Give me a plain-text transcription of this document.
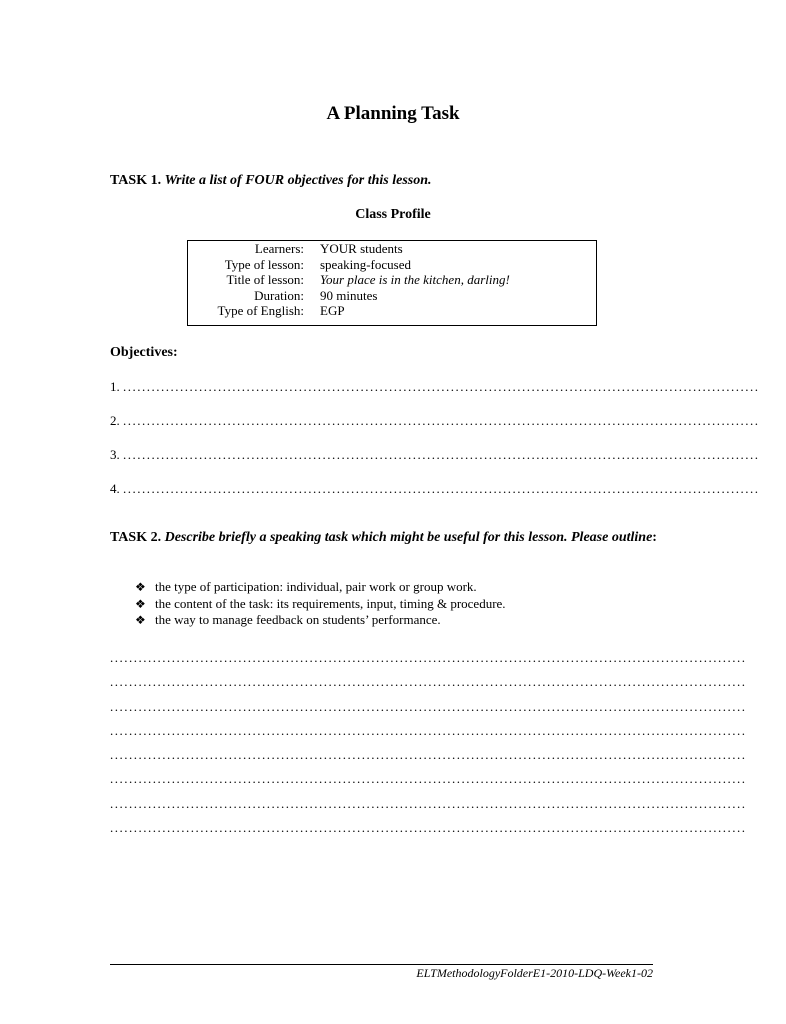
A Planning Task
TASK 1. Write a list of FOUR objectives for this lesson.
Class Profile
Learners: YOUR students
Type of lesson: speaking-focused
Title of lesson: Your place is in the kitchen, darling!
Duration: 90 minutes
Type of English: EGP
Objectives:
1. ......................................................................................................................................
2. ......................................................................................................................................
3. ......................................................................................................................................
4. ......................................................................................................................................
TASK 2. Describe briefly a speaking task which might be useful for this lesson. Please outline:
❖ the type of participation: individual, pair work or group work.
❖ the content of the task: its requirements, input, timing & procedure.
❖ the way to manage feedback on students’ performance.
......................................................................................................................................
......................................................................................................................................
......................................................................................................................................
......................................................................................................................................
......................................................................................................................................
......................................................................................................................................
......................................................................................................................................
......................................................................................................................................
ELTMethodologyFolderE1-2010-LDQ-Week1-02
